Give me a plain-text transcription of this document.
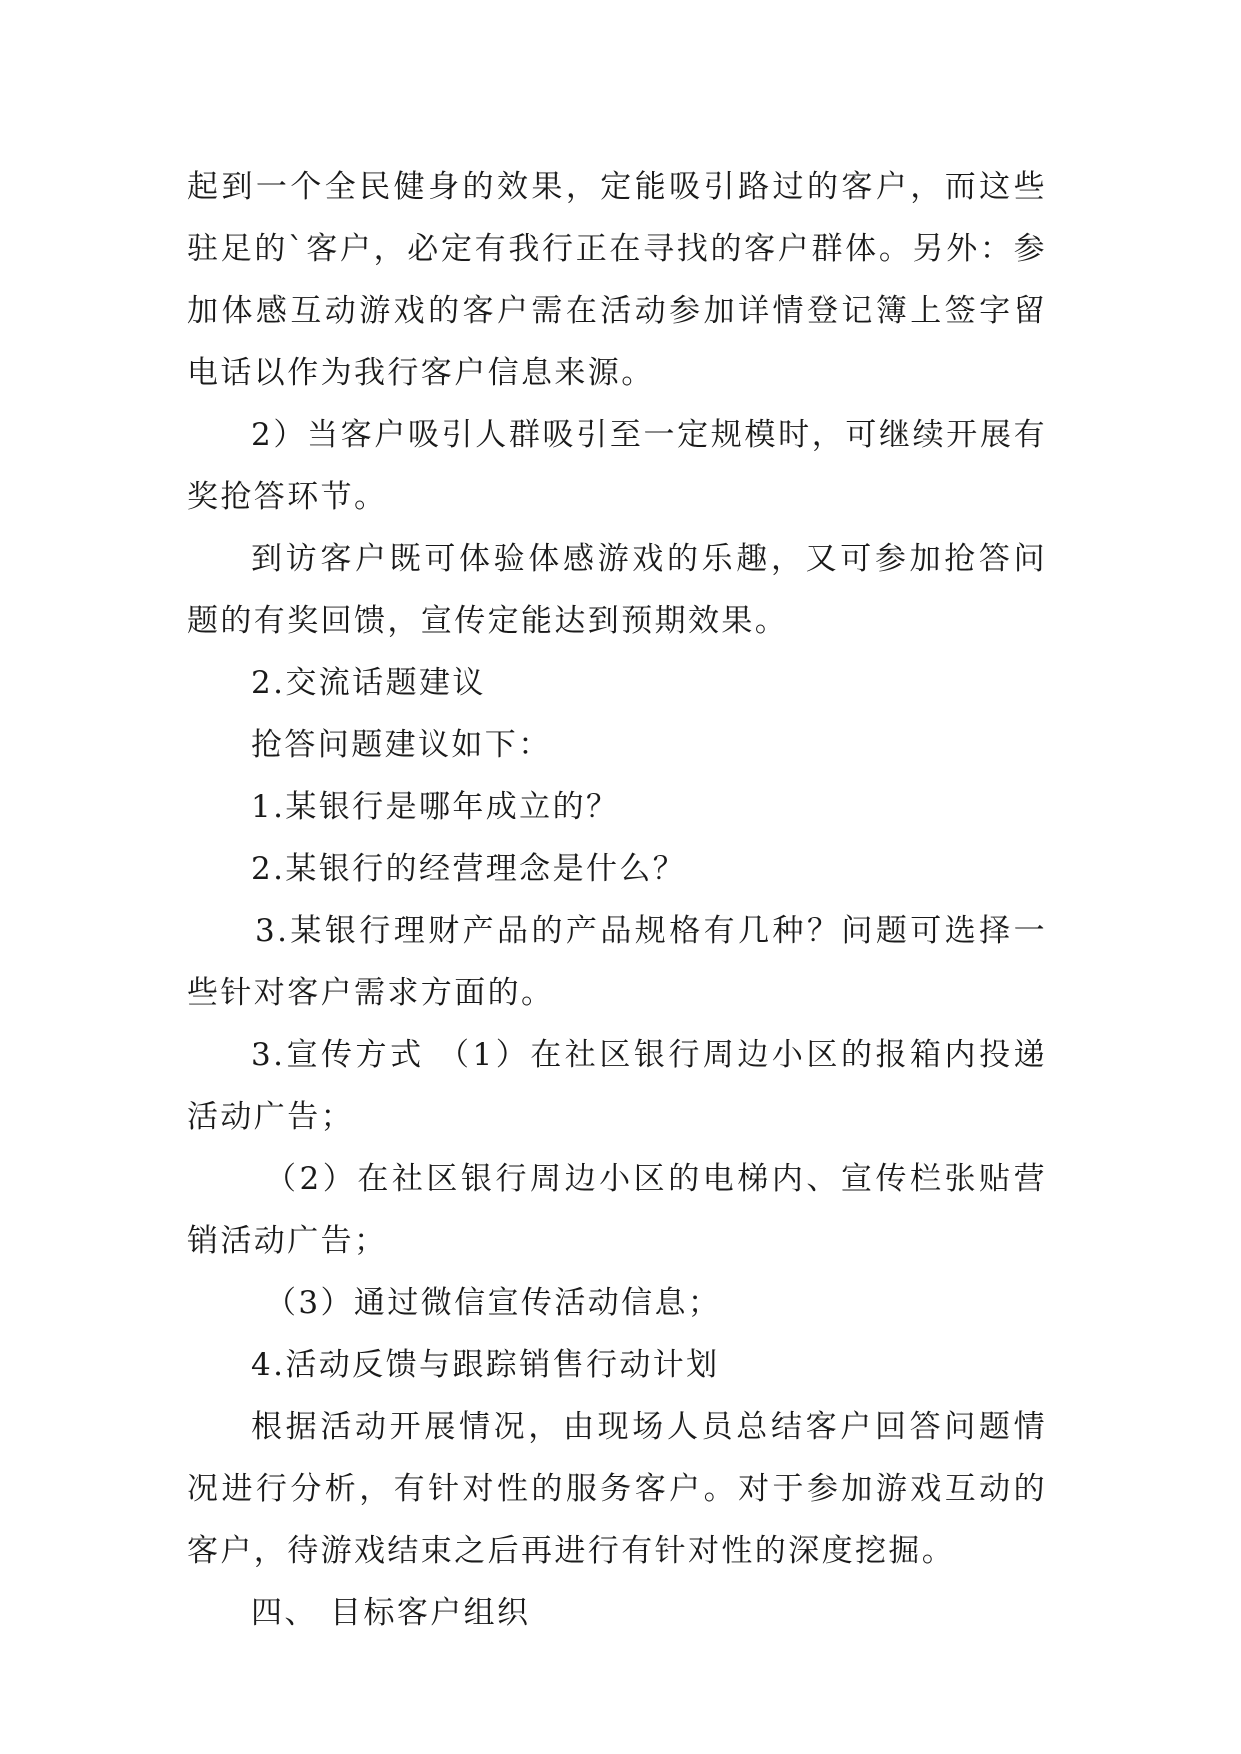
起到一个全民健身的效果，定能吸引路过的客户，而这些驻足的`客户，必定有我行正在寻找的客户群体。另外：参加体感互动游戏的客户需在活动参加详情登记簿上签字留电话以作为我行客户信息来源。

2）当客户吸引人群吸引至一定规模时，可继续开展有奖抢答环节。

到访客户既可体验体感游戏的乐趣，又可参加抢答问题的有奖回馈，宣传定能达到预期效果。

2.交流话题建议

抢答问题建议如下：

1.某银行是哪年成立的？

2.某银行的经营理念是什么？

3.某银行理财产品的产品规格有几种？问题可选择一些针对客户需求方面的。

3.宣传方式 （1）在社区银行周边小区的报箱内投递活动广告；

（2）在社区银行周边小区的电梯内、宣传栏张贴营销活动广告；

（3）通过微信宣传活动信息；

4.活动反馈与跟踪销售行动计划

根据活动开展情况，由现场人员总结客户回答问题情况进行分析，有针对性的服务客户。对于参加游戏互动的客户，待游戏结束之后再进行有针对性的深度挖掘。

四、 目标客户组织
